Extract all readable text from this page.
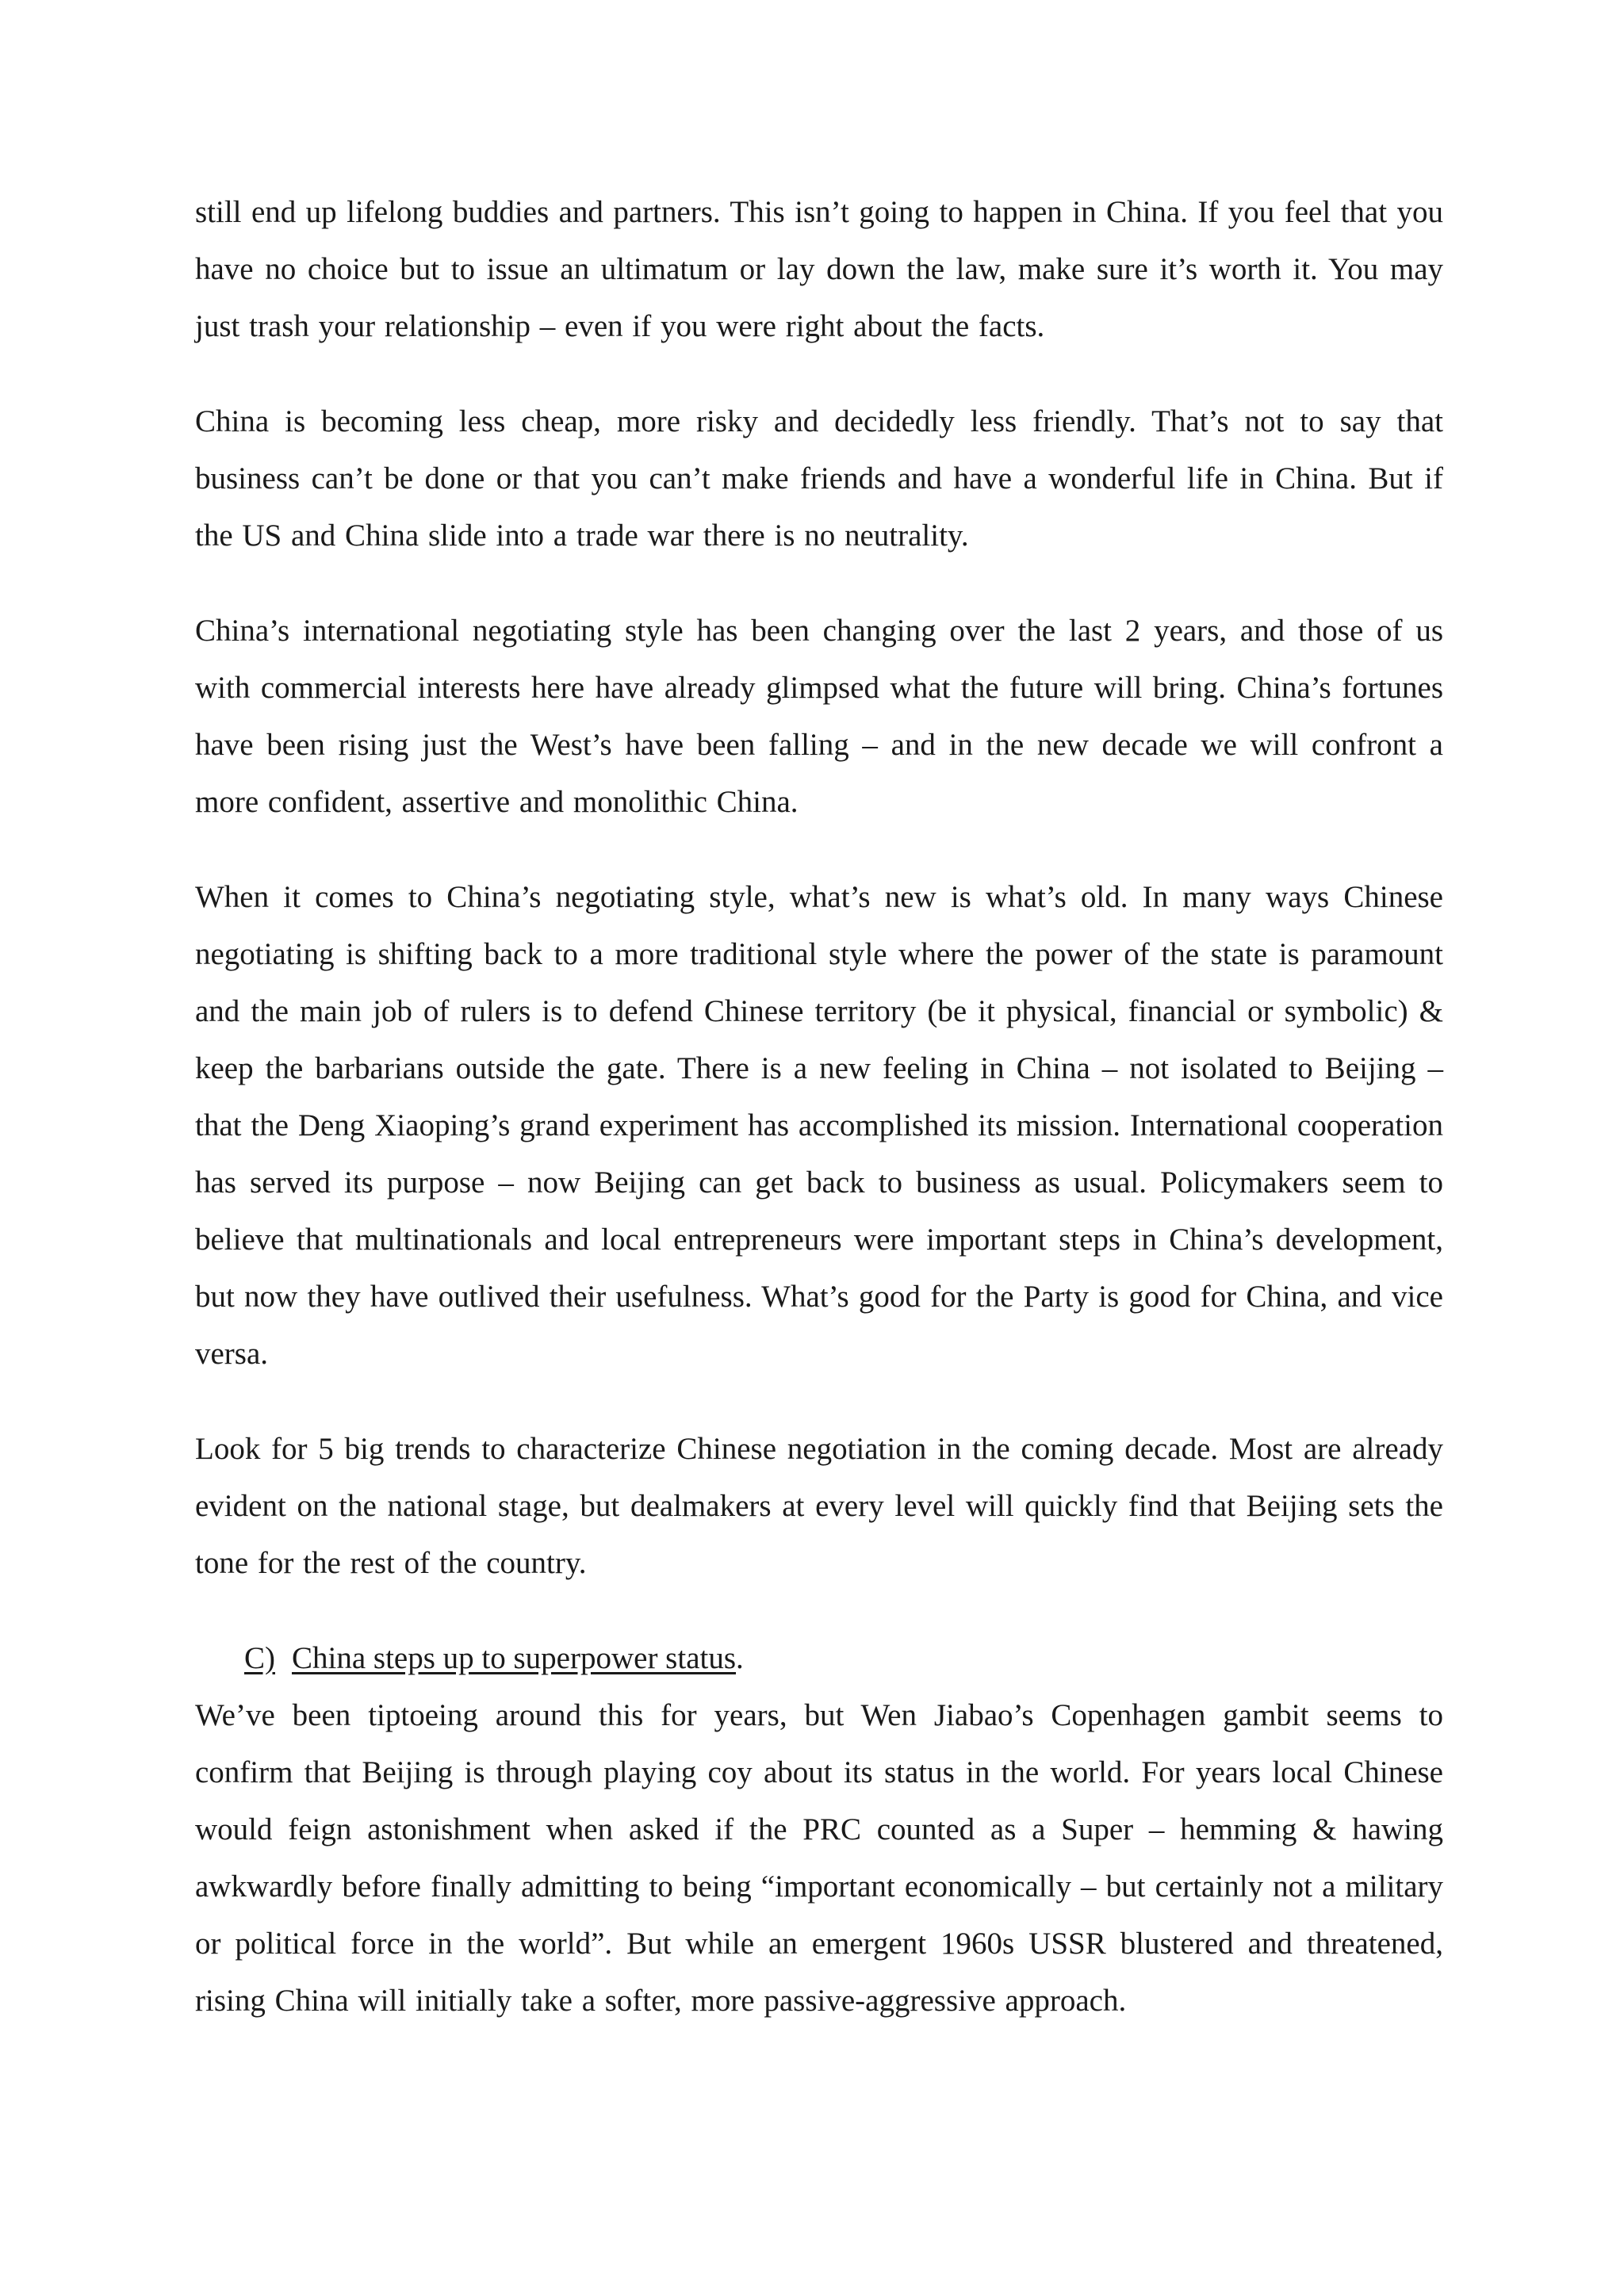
still end up lifelong buddies and partners. This isn’t going to happen in China. If you feel that you have no choice but to issue an ultimatum or lay down the law, make sure it’s worth it. You may just trash your relationship – even if you were right about the facts.

China is becoming less cheap, more risky and decidedly less friendly. That’s not to say that business can’t be done or that you can’t make friends and have a wonderful life in China. But if the US and China slide into a trade war there is no neutrality.

China’s international negotiating style has been changing over the last 2 years, and those of us with commercial interests here have already glimpsed what the future will bring. China’s fortunes have been rising just the West’s have been falling – and in the new decade we will confront a more confident, assertive and monolithic China.

When it comes to China’s negotiating style, what’s new is what’s old. In many ways Chinese negotiating is shifting back to a more traditional style where the power of the state is paramount and the main job of rulers is to defend Chinese territory (be it physical, financial or symbolic) & keep the barbarians outside the gate. There is a new feeling in China – not isolated to Beijing – that the Deng Xiaoping’s grand experiment has accomplished its mission. International cooperation has served its purpose – now Beijing can get back to business as usual. Policymakers seem to believe that multinationals and local entrepreneurs were important steps in China’s development, but now they have outlived their usefulness. What’s good for the Party is good for China, and vice versa.

Look for 5 big trends to characterize Chinese negotiation in the coming decade. Most are already evident on the national stage, but dealmakers at every level will quickly find that Beijing sets the tone for the rest of the country.

C) China steps up to superpower status.

We’ve been tiptoeing around this for years, but Wen Jiabao’s Copenhagen gambit seems to confirm that Beijing is through playing coy about its status in the world. For years local Chinese would feign astonishment when asked if the PRC counted as a Super – hemming & hawing awkwardly before finally admitting to being “important economically – but certainly not a military or political force in the world”. But while an emergent 1960s USSR blustered and threatened, rising China will initially take a softer, more passive-aggressive approach.
